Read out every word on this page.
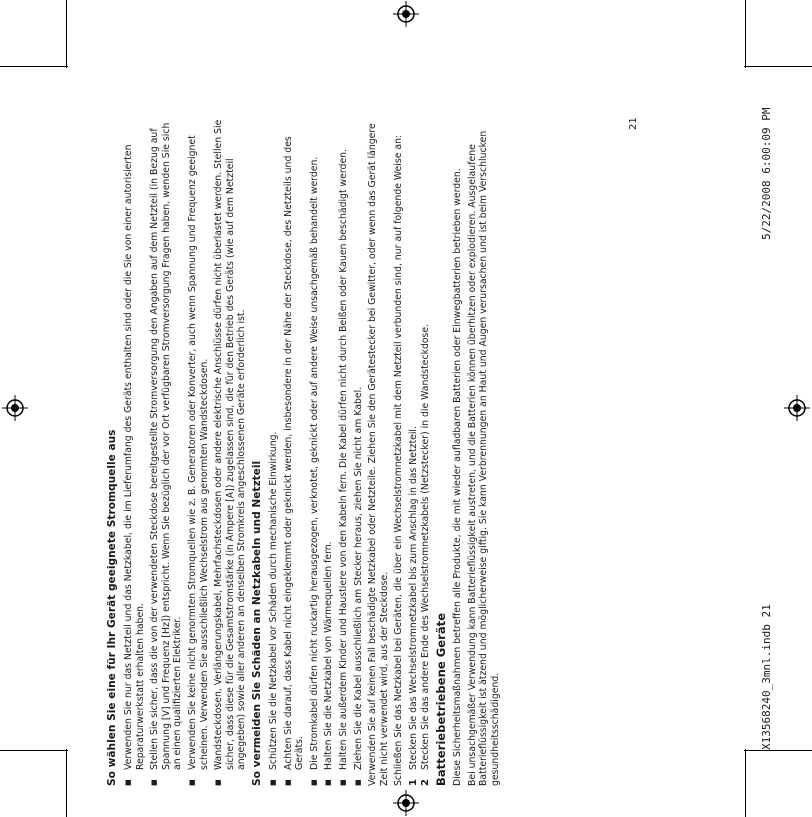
So wählen Sie eine für Ihr Gerät geeignete Stromquelle aus ■ Verwenden Sie nur das Netzteil und das Netzkabel, die im Lieferumfang des Geräts enthalten sind oder die Sie von einer autorisierten Reparaturwerkstatt erhalten haben. ■ Stellen Sie sicher, dass die von der verwendeten Steckdose bereitgestellte Stromversorgung den Angaben auf dem Netzteil (in Bezug auf Spannung [V] und Frequenz [Hz]) entspricht. Wenn Sie bezüglich der vor Ort verfügbaren Stromversorgung Fragen haben, wenden Sie sich an einen qualifizierten Elektriker. ■ Verwenden Sie keine nicht genormten Stromquellen wie z. B. Generatoren oder Konverter, auch wenn Spannung und Frequenz geeignet scheinen. Verwenden Sie ausschließlich Wechselstrom aus genormten Wandsteckdosen. ■ Wandsteckdosen, Verlängerungskabel, Mehrfachsteckdosen oder andere elektrische Anschlüsse dürfen nicht überlastet werden. Stellen Sie sicher, dass diese für die Gesamtstromstärke (in Ampere [A]) zugelassen sind, die für den Betrieb des Geräts (wie auf dem Netzteil angegeben) sowie aller anderen an denselben Stromkreis angeschlossenen Geräte erforderlich ist. So vermeiden Sie Schäden an Netzkabeln und Netzteil ■ Schützen Sie die Netzkabel vor Schäden durch mechanische Einwirkung. ■ Achten Sie darauf, dass Kabel nicht eingeklemmt oder geknickt werden, insbesondere in der Nähe der Steckdose, des Netzteils und des Geräts. ■ Die Stromkabel dürfen nicht ruckartig herausgezogen, verknotet, geknickt oder auf andere Weise unsachgemäß behandelt werden. ■ Halten Sie die Netzkabel von Wärmequellen fern. ■ Halten Sie außerdem Kinder und Haustiere von den Kabeln fern. Die Kabel dürfen nicht durch Beißen oder Kauen beschädigt werden. ■ Ziehen Sie die Kabel ausschließlich am Stecker heraus, ziehen Sie nicht am Kabel. Verwenden Sie auf keinen Fall beschädigte Netzkabel oder Netzteile. Ziehen Sie den Gerätestecker bei Gewitter, oder wenn das Gerät längere Zeit nicht verwendet wird, aus der Steckdose. Schließen Sie das Netzkabel bei Geräten, die über ein Wechselstromnetzkabel mit dem Netzteil verbunden sind, nur auf folgende Weise an: 1
Stecken Sie das Wechselstromnetzkabel bis zum Anschlag in das Netzteil.
2
Stecken Sie das andere Ende des Wechselstromnetzkabels (Netzstecker) in die Wandsteckdose. Batteriebetriebene Geräte Diese Sicherheitsmaßnahmen betreffen alle Produkte, die mit wieder aufladbaren Batterien oder Einwegbatterien betrieben werden. Bei unsachgemäßer Verwendung kann Batterieflüssigkeit austreten, und die Batterien können überhitzen oder explodieren. Ausgelaufene Batterieflüssigkeit ist ätzend und möglicherweise giftig. Sie kann Verbrennungen an Haut und Augen verursachen und ist beim Verschlucken gesundheitsschädigend.

21
X13568240_3mnl.indb 21
5/22/2008 6:00:09 PM
